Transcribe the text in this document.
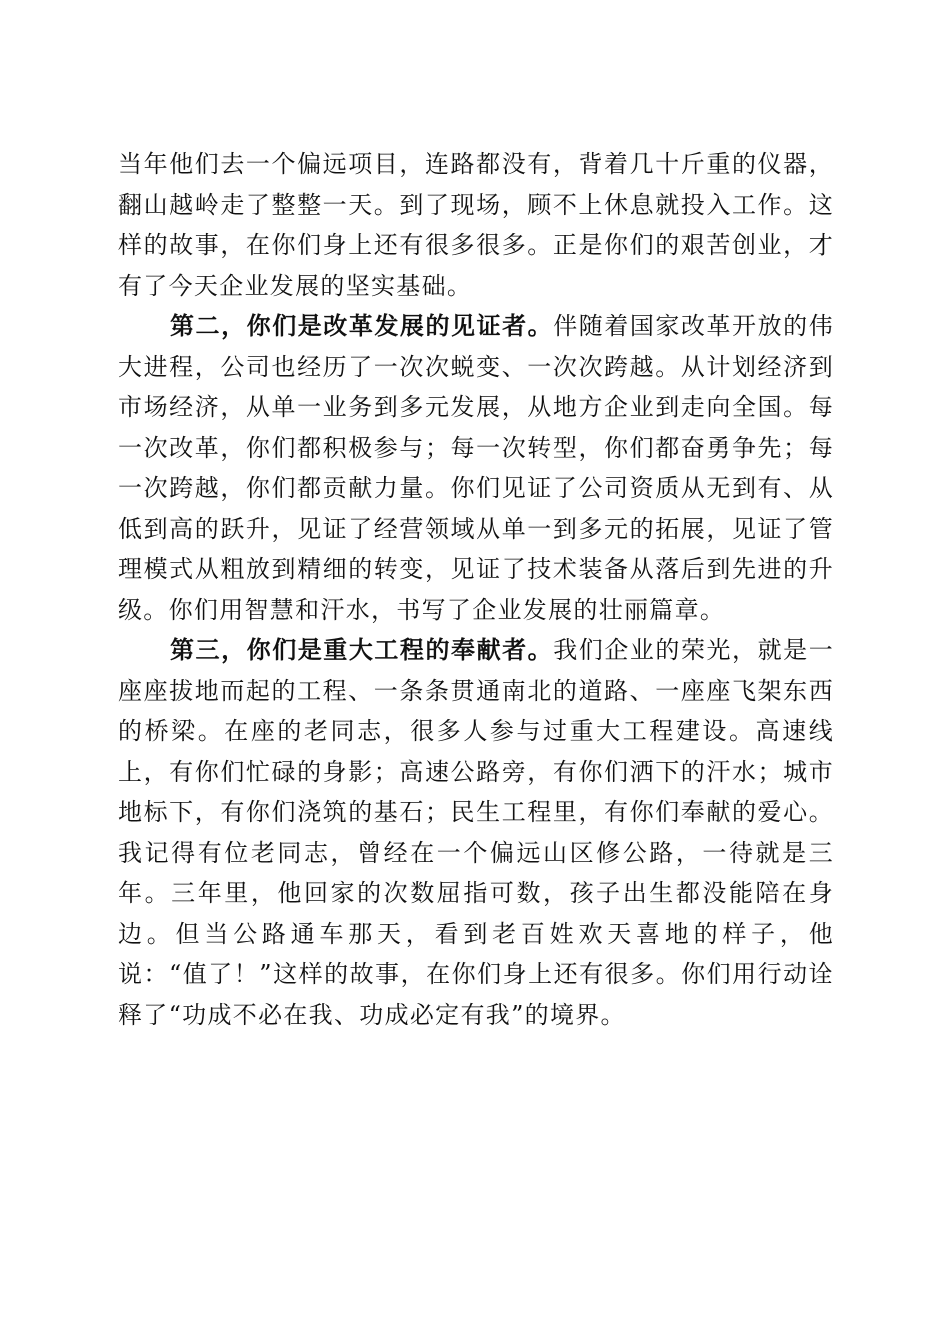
当年他们去一个偏远项目，连路都没有，背着几十斤重的仪器，翻山越岭走了整整一天。到了现场，顾不上休息就投入工作。这样的故事，在你们身上还有很多很多。正是你们的艰苦创业，才有了今天企业发展的坚实基础。

第二，你们是改革发展的见证者。伴随着国家改革开放的伟大进程，公司也经历了一次次蜕变、一次次跨越。从计划经济到市场经济，从单一业务到多元发展，从地方企业到走向全国。每一次改革，你们都积极参与；每一次转型，你们都奋勇争先；每一次跨越，你们都贡献力量。你们见证了公司资质从无到有、从低到高的跃升，见证了经营领域从单一到多元的拓展，见证了管理模式从粗放到精细的转变，见证了技术装备从落后到先进的升级。你们用智慧和汗水，书写了企业发展的壮丽篇章。

第三，你们是重大工程的奉献者。我们企业的荣光，就是一座座拔地而起的工程、一条条贯通南北的道路、一座座飞架东西的桥梁。在座的老同志，很多人参与过重大工程建设。高速线上，有你们忙碌的身影；高速公路旁，有你们洒下的汗水；城市地标下，有你们浇筑的基石；民生工程里，有你们奉献的爱心。我记得有位老同志，曾经在一个偏远山区修公路，一待就是三年。三年里，他回家的次数屈指可数，孩子出生都没能陪在身边。但当公路通车那天，看到老百姓欢天喜地的样子，他说：“值了！”这样的故事，在你们身上还有很多。你们用行动诠释了“功成不必在我、功成必定有我”的境界。
